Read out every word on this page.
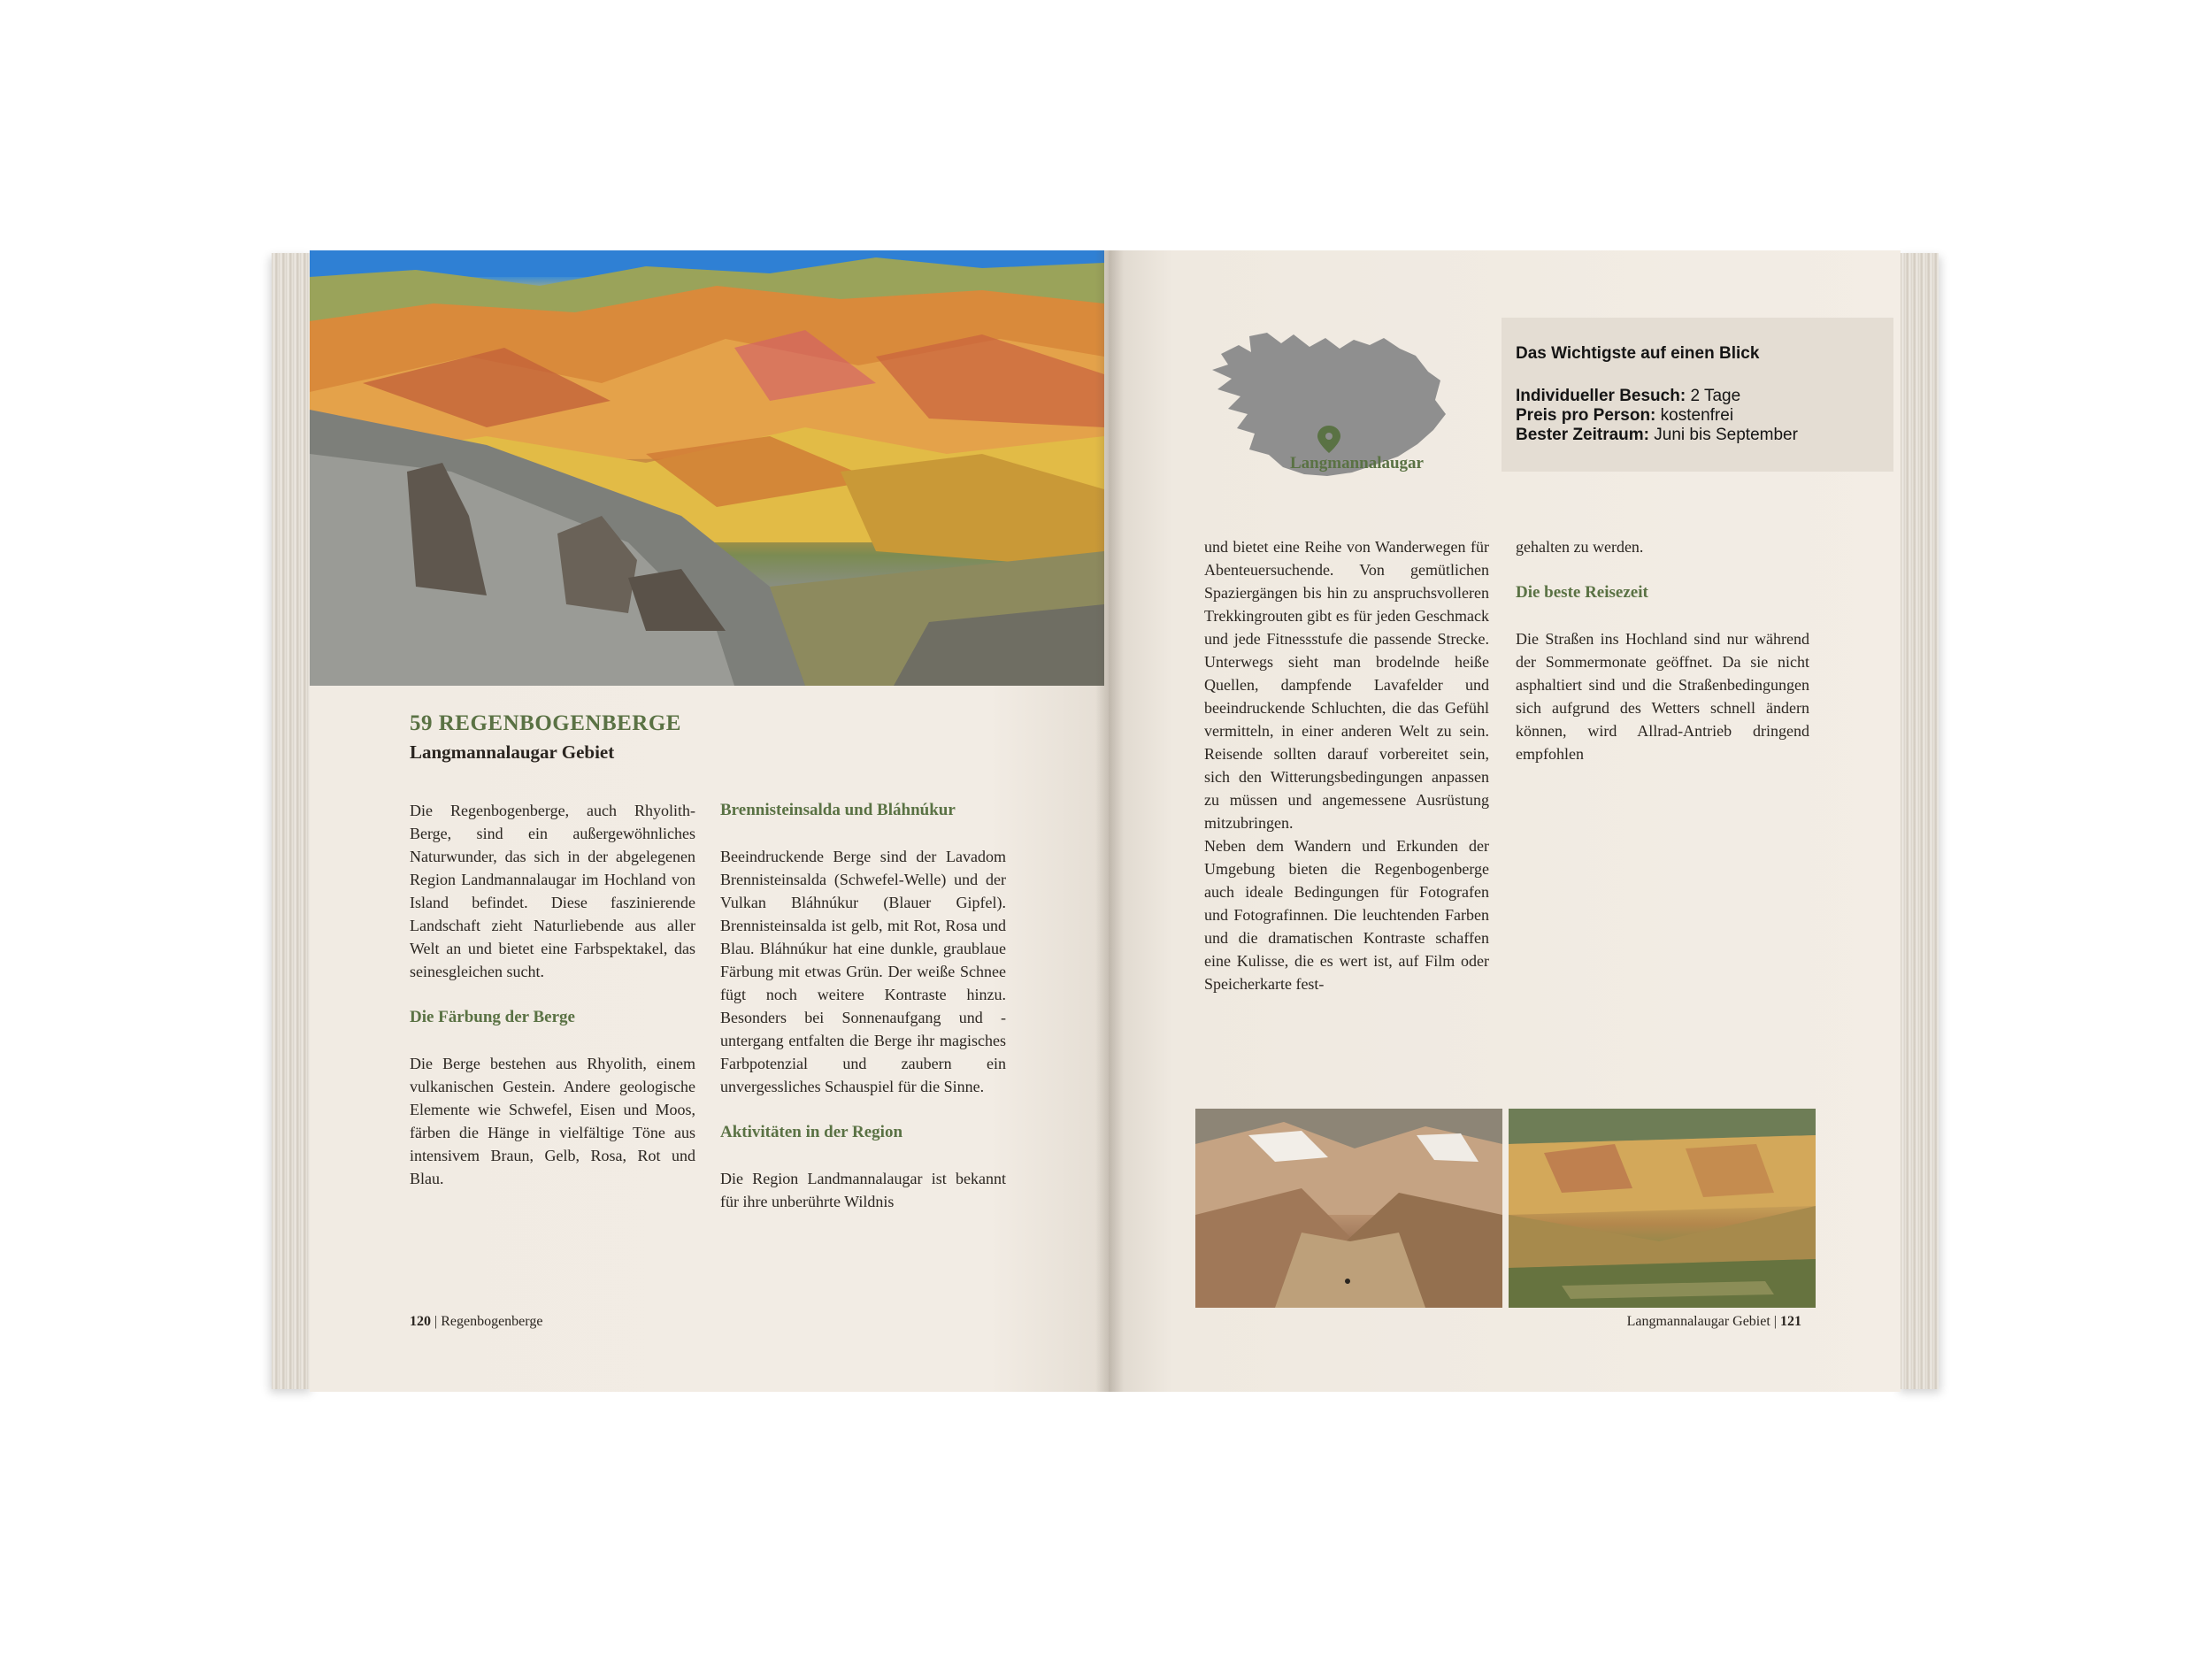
59 REGENBOGENBERGE
Langmannalaugar Gebiet

Die Regenbogenberge, auch Rhyolith-Berge, sind ein außergewöhnliches Naturwunder, das sich in der abgelegenen Region Landmannalaugar im Hochland von Island befindet. Diese faszinierende Landschaft zieht Naturliebende aus aller Welt an und bietet eine Farbspektakel, das seinesgleichen sucht.

Die Färbung der Berge

Die Berge bestehen aus Rhyolith, einem vulkanischen Gestein. Andere geologische Elemente wie Schwefel, Eisen und Moos, färben die Hänge in vielfältige Töne aus intensivem Braun, Gelb, Rosa, Rot und Blau.

Brennisteinsalda und Bláhnúkur

Beeindruckende Berge sind der Lavadom Brennisteinsalda (Schwefel-Welle) und der Vulkan Bláhnúkur (Blauer Gipfel). Brennisteinsalda ist gelb, mit Rot, Rosa und Blau. Bláhnúkur hat eine dunkle, graublaue Färbung mit etwas Grün. Der weiße Schnee fügt noch weitere Kontraste hinzu. Besonders bei Sonnenaufgang und -untergang entfalten die Berge ihr magisches Farbpotenzial und zaubern ein unvergessliches Schauspiel für die Sinne.

Aktivitäten in der Region

Die Region Landmannalaugar ist bekannt für ihre unberührte Wildnis

120 | Regenbogenberge
Langmannalaugar
Das Wichtigste auf einen Blick
Individueller Besuch: 2 Tage
Preis pro Person: kostenfrei
Bester Zeitraum: Juni bis September

und bietet eine Reihe von Wanderwegen für Abenteuersuchende. Von gemütlichen Spaziergängen bis hin zu anspruchsvolleren Trekkingrouten gibt es für jeden Geschmack und jede Fitnessstufe die passende Strecke. Unterwegs sieht man brodelnde heiße Quellen, dampfende Lavafelder und beeindruckende Schluchten, die das Gefühl vermitteln, in einer anderen Welt zu sein. Reisende sollten darauf vorbereitet sein, sich den Witterungsbedingungen anpassen zu müssen und angemessene Ausrüstung mitzubringen.

Neben dem Wandern und Erkunden der Umgebung bieten die Regenbogenberge auch ideale Bedingungen für Fotografen und Fotografinnen. Die leuchtenden Farben und die dramatischen Kontraste schaffen eine Kulisse, die es wert ist, auf Film oder Speicherkarte fest-

gehalten zu werden.

Die beste Reisezeit

Die Straßen ins Hochland sind nur während der Sommermonate geöffnet. Da sie nicht asphaltiert sind und die Straßenbedingungen sich aufgrund des Wetters schnell ändern können, wird Allrad-Antrieb dringend empfohlen

Langmannalaugar Gebiet | 121
